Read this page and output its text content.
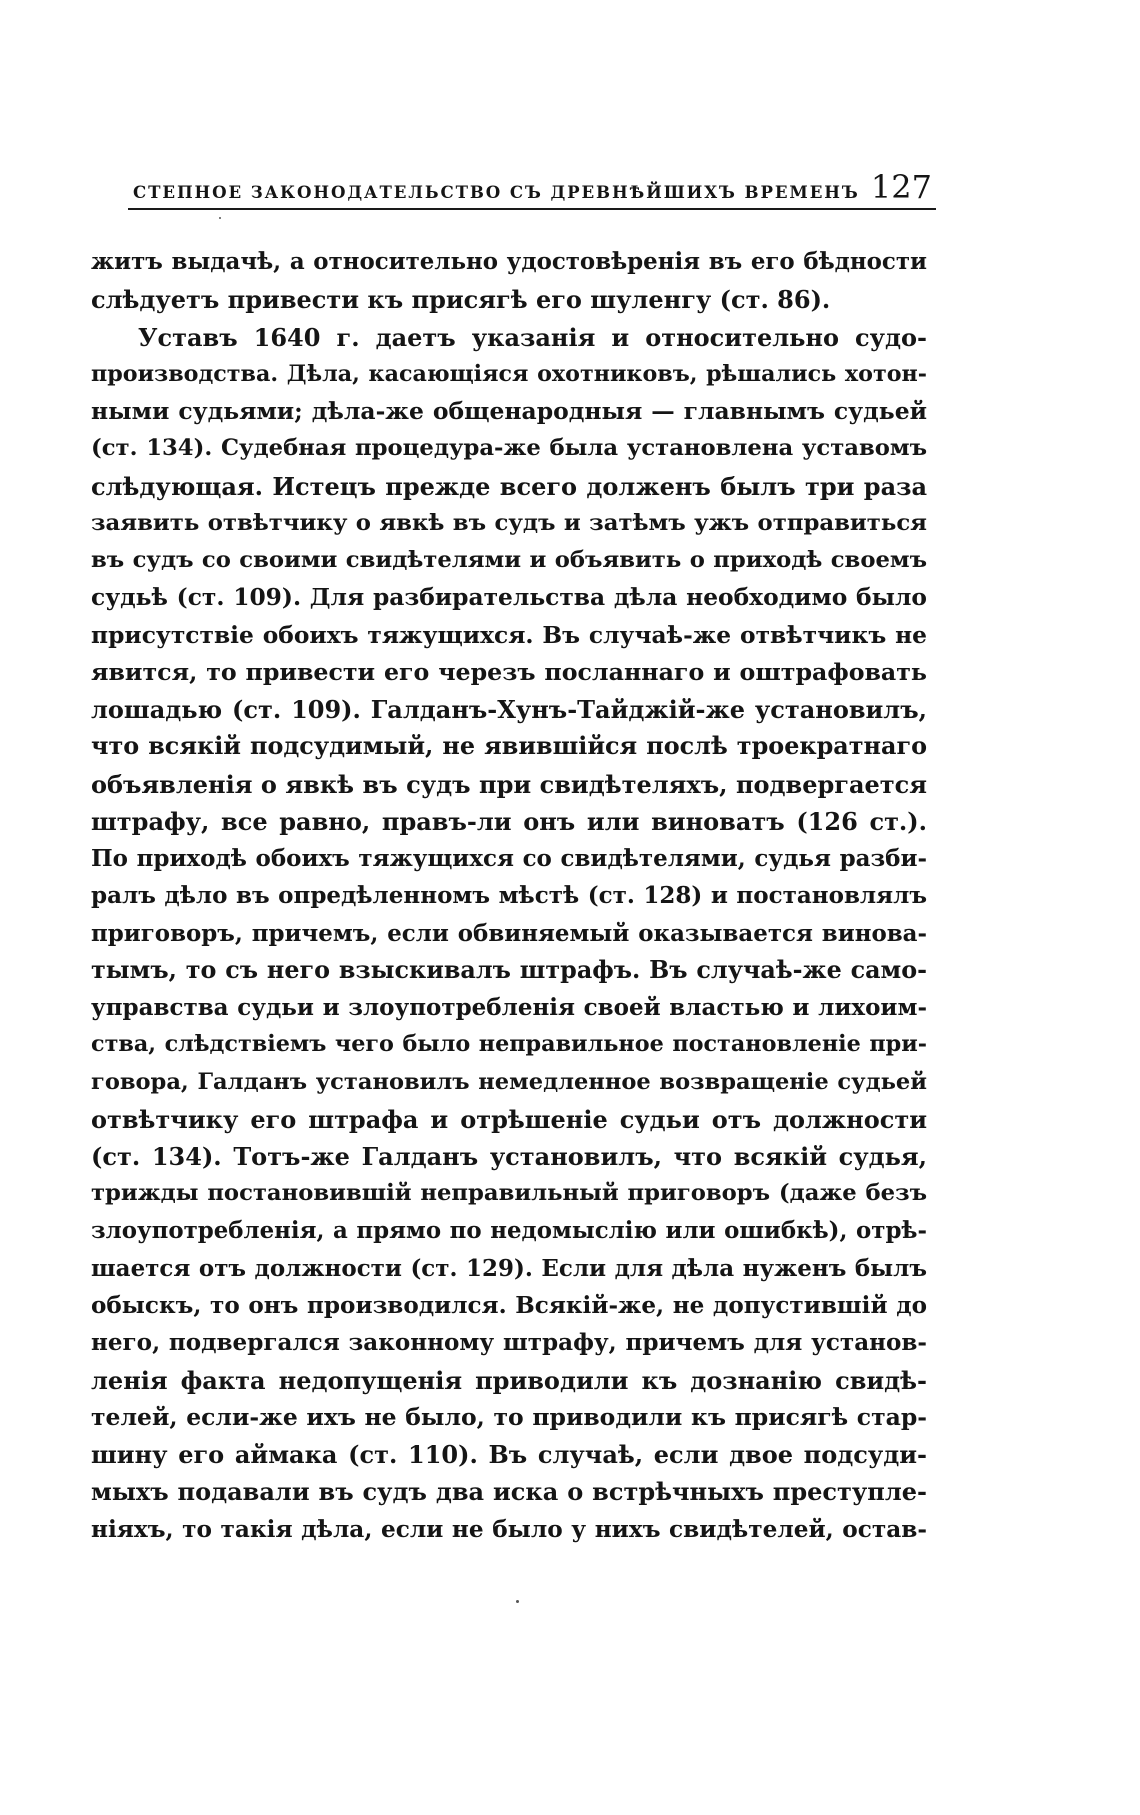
СТЕПНОЕ ЗАКОНОДАТЕЛЬСТВО СЪ ДРЕВНѢЙШИХЪ ВРЕМЕНЪ 127
житъ выдачѣ, а относительно удостовѣренія въ его бѣдности
слѣдуетъ привести къ присягѣ его шуленгу (ст. 86).
Уставъ 1640 г. даетъ указанія и относительно судо-
производства. Дѣла, касающіяся охотниковъ, рѣшались хотон-
ными судьями; дѣла-же общенародныя — главнымъ судьей
(ст. 134). Судебная процедура-же была установлена уставомъ
слѣдующая. Истецъ прежде всего долженъ былъ три раза
заявить отвѣтчику о явкѣ въ судъ и затѣмъ ужъ отправиться
въ судъ со своими свидѣтелями и объявить о приходѣ своемъ
судьѣ (ст. 109). Для разбирательства дѣла необходимо было
присутствіе обоихъ тяжущихся. Въ случаѣ-же отвѣтчикъ не
явится, то привести его черезъ посланнаго и оштрафовать
лошадью (ст. 109). Галданъ-Хунъ-Тайджій-же установилъ,
что всякій подсудимый, не явившійся послѣ троекратнаго
объявленія о явкѣ въ судъ при свидѣтеляхъ, подвергается
штрафу, все равно, правъ-ли онъ или виноватъ (126 ст.).
По приходѣ обоихъ тяжущихся со свидѣтелями, судья разби-
ралъ дѣло въ опредѣленномъ мѣстѣ (ст. 128) и постановлялъ
приговоръ, причемъ, если обвиняемый оказывается винова-
тымъ, то съ него взыскивалъ штрафъ. Въ случаѣ-же само-
управства судьи и злоупотребленія своей властью и лихоим-
ства, слѣдствіемъ чего было неправильное постановленіе при-
говора, Галданъ установилъ немедленное возвращеніе судьей
отвѣтчику его штрафа и отрѣшеніе судьи отъ должности
(ст. 134). Тотъ-же Галданъ установилъ, что всякій судья,
трижды постановившій неправильный приговоръ (даже безъ
злоупотребленія, а прямо по недомыслію или ошибкѣ), отрѣ-
шается отъ должности (ст. 129). Если для дѣла нуженъ былъ
обыскъ, то онъ производился. Всякій-же, не допустившій до
него, подвергался законному штрафу, причемъ для установ-
ленія факта недопущенія приводили къ дознанію свидѣ-
телей, если-же ихъ не было, то приводили къ присягѣ стар-
шину его аймака (ст. 110). Въ случаѣ, если двое подсуди-
мыхъ подавали въ судъ два иска о встрѣчныхъ преступле-
ніяхъ, то такія дѣла, если не было у нихъ свидѣтелей, остав-
